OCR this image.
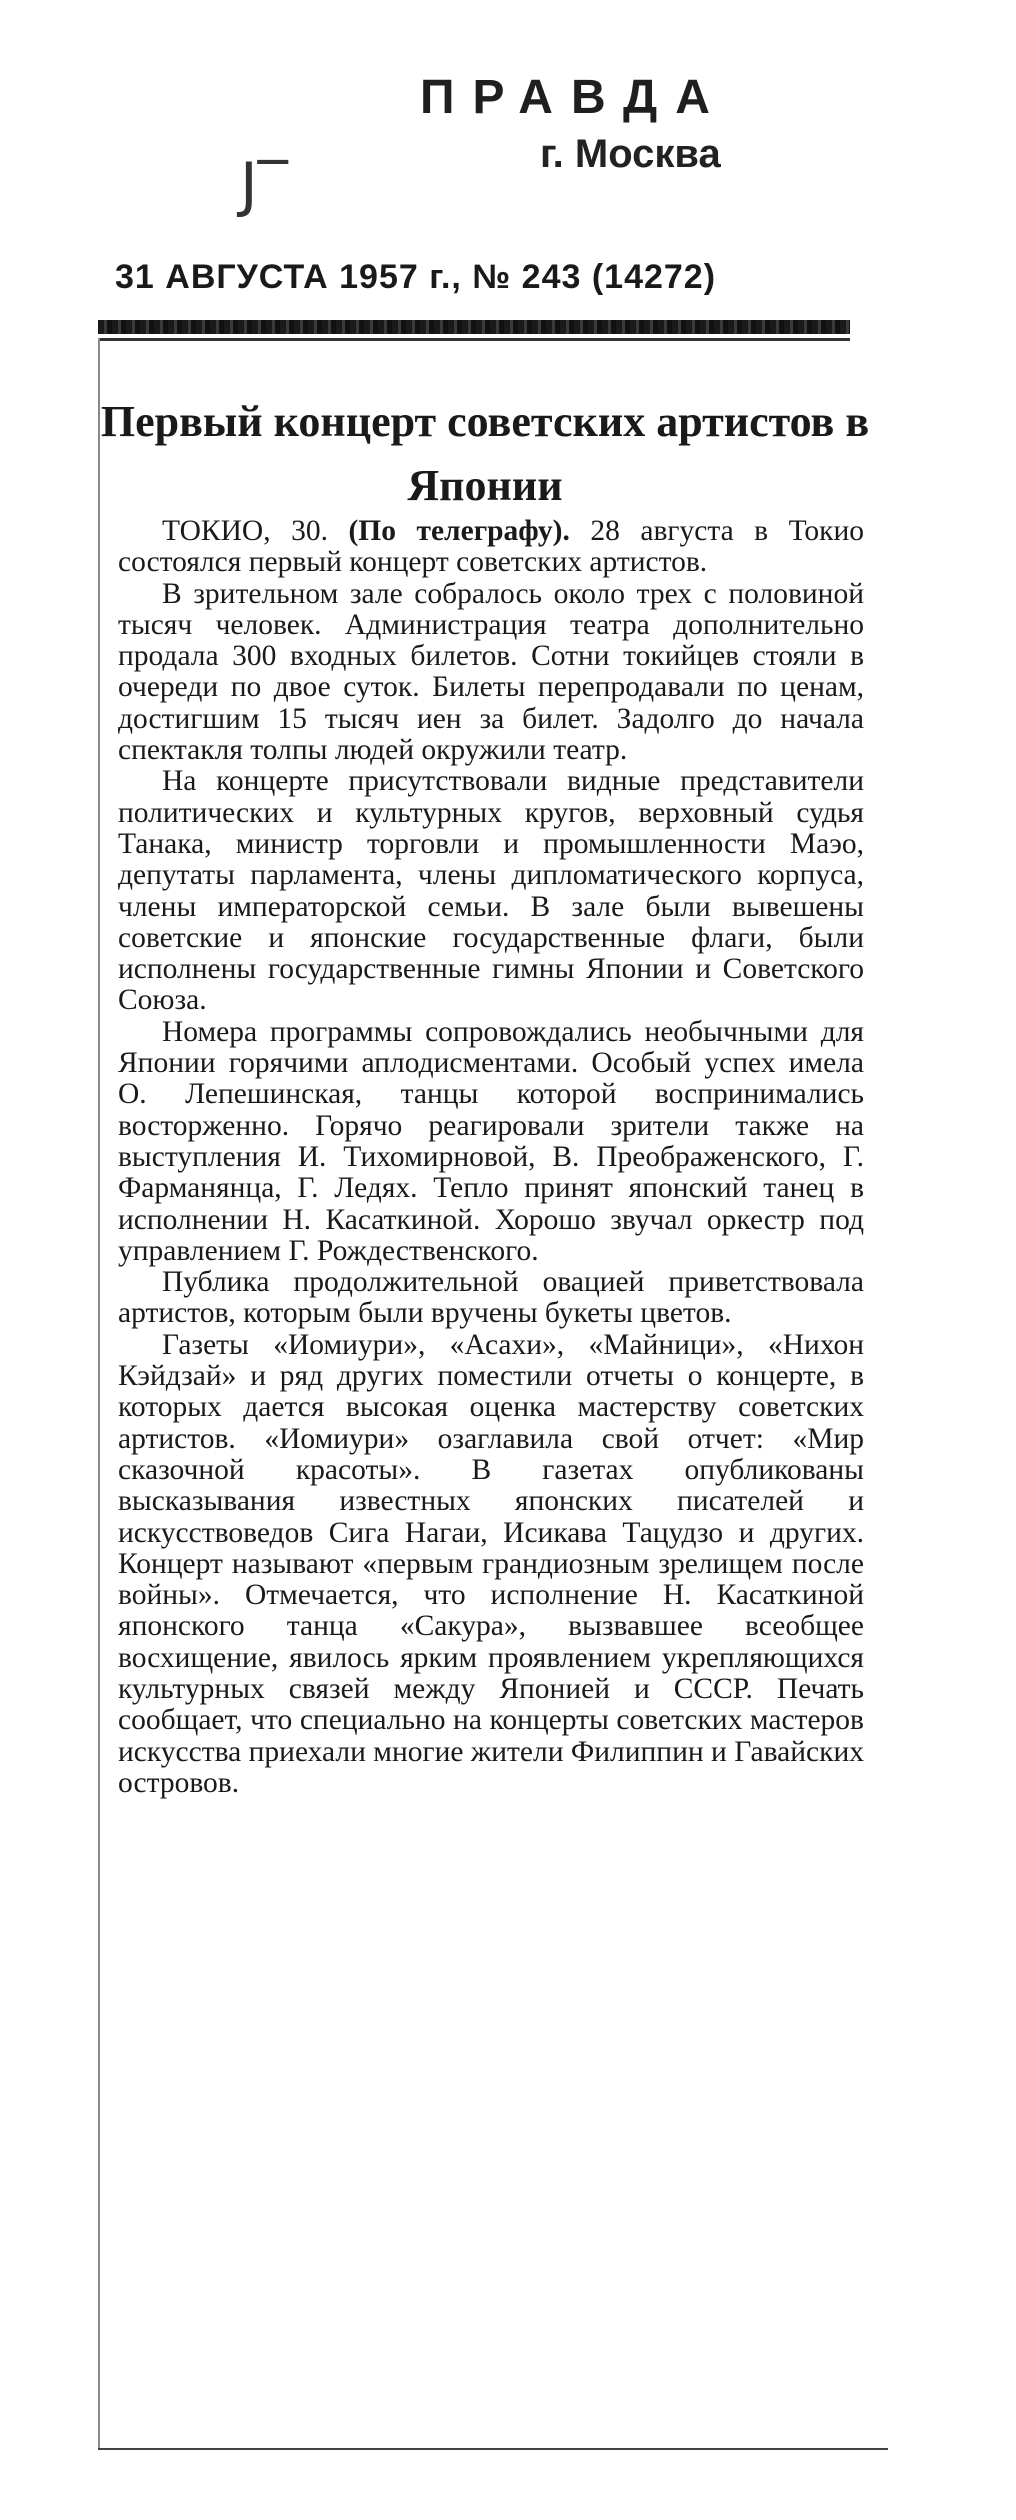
ПРАВДА
г. Москва
J‾
31 АВГУСТА 1957 г., № 243 (14272)
Первый концерт советских артистов в Японии

ТОКИО, 30. (По телеграфу). 28 августа в Токио состоялся первый концерт советских артистов.

В зрительном зале собралось около трех с половиной тысяч человек. Администрация театра дополнительно продала 300 входных билетов. Сотни токийцев стояли в очереди по двое суток. Билеты перепродавали по ценам, достигшим 15 тысяч иен за билет. Задолго до начала спектакля толпы людей окружили театр.

На концерте присутствовали видные представители политических и культурных кругов, верховный судья Танака, министр торговли и промышленности Маэо, депутаты парламента, члены дипломатического корпуса, члены императорской семьи. В зале были вывешены советские и японские государственные флаги, были исполнены государственные гимны Японии и Советского Союза.

Номера программы сопровождались необычными для Японии горячими аплодисментами. Особый успех имела О. Лепешинская, танцы которой воспринимались восторженно. Горячо реагировали зрители также на выступления И. Тихомирновой, В. Преображенского, Г. Фарманянца, Г. Ледях. Тепло принят японский танец в исполнении Н. Касаткиной. Хорошо звучал оркестр под управлением Г. Рождественского.

Публика продолжительной овацией приветствовала артистов, которым были вручены букеты цветов.

Газеты «Иомиури», «Асахи», «Майници», «Нихон Кэйдзай» и ряд других поместили отчеты о концерте, в которых дается высокая оценка мастерству советских артистов. «Иомиури» озаглавила свой отчет: «Мир сказочной красоты». В газетах опубликованы высказывания известных японских писателей и искусствоведов Сига Нагаи, Исикава Тацудзо и других. Концерт называют «первым грандиозным зрелищем после войны». Отмечается, что исполнение Н. Касаткиной японского танца «Сакура», вызвавшее всеобщее восхищение, явилось ярким проявлением укрепляющихся культурных связей между Японией и СССР. Печать сообщает, что специально на концерты советских мастеров искусства приехали многие жители Филиппин и Гавайских островов.
